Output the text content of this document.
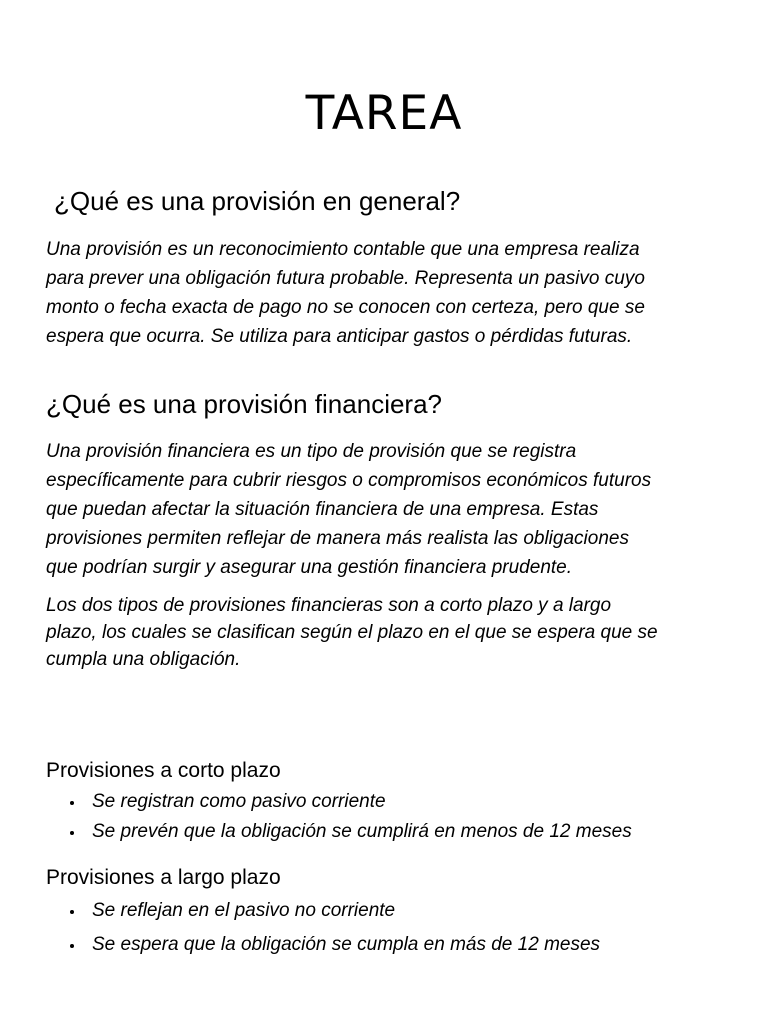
TAREA
¿Qué es una provisión en general?
Una provisión es un reconocimiento contable que una empresa realiza
para prever una obligación futura probable. Representa un pasivo cuyo
monto o fecha exacta de pago no se conocen con certeza, pero que se
espera que ocurra. Se utiliza para anticipar gastos o pérdidas futuras.
¿Qué es una provisión financiera?
Una provisión financiera es un tipo de provisión que se registra
específicamente para cubrir riesgos o compromisos económicos futuros
que puedan afectar la situación financiera de una empresa. Estas
provisiones permiten reflejar de manera más realista las obligaciones
que podrían surgir y asegurar una gestión financiera prudente.
Los dos tipos de provisiones financieras son a corto plazo y a largo
plazo, los cuales se clasifican según el plazo en el que se espera que se
cumpla una obligación.
Provisiones a corto plazo
Se registran como pasivo corriente
Se prevén que la obligación se cumplirá en menos de 12 meses
Provisiones a largo plazo
Se reflejan en el pasivo no corriente
Se espera que la obligación se cumpla en más de 12 meses
